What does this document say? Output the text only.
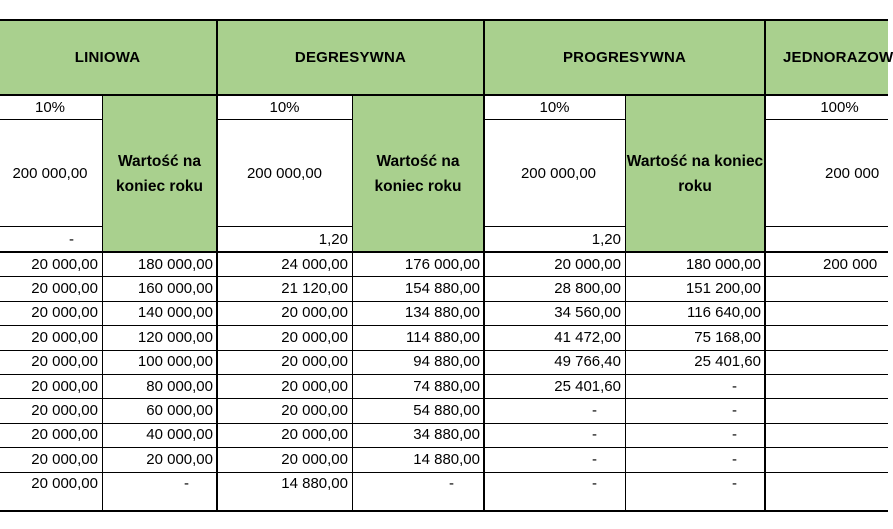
LINIOWA	DEGRESYWNA	PROGRESYWNA	JEDNORAZOW
Wartość na koniec roku
Wartość na koniec roku
Wartość na koniec roku
10%	10%	10%	100%
200 000,00	200 000,00	200 000,00	200 000
-	1,20	1,20
20 000,00	180 000,00	24 000,00	176 000,00	20 000,00	180 000,00	200 000
20 000,00	160 000,00	21 120,00	154 880,00	28 800,00	151 200,00
20 000,00	140 000,00	20 000,00	134 880,00	34 560,00	116 640,00
20 000,00	120 000,00	20 000,00	114 880,00	41 472,00	75 168,00
20 000,00	100 000,00	20 000,00	94 880,00	49 766,40	25 401,60
20 000,00	80 000,00	20 000,00	74 880,00	25 401,60	-
20 000,00	60 000,00	20 000,00	54 880,00	-	-
20 000,00	40 000,00	20 000,00	34 880,00	-	-
20 000,00	20 000,00	20 000,00	14 880,00	-	-
20 000,00	-	14 880,00	-	-	-
